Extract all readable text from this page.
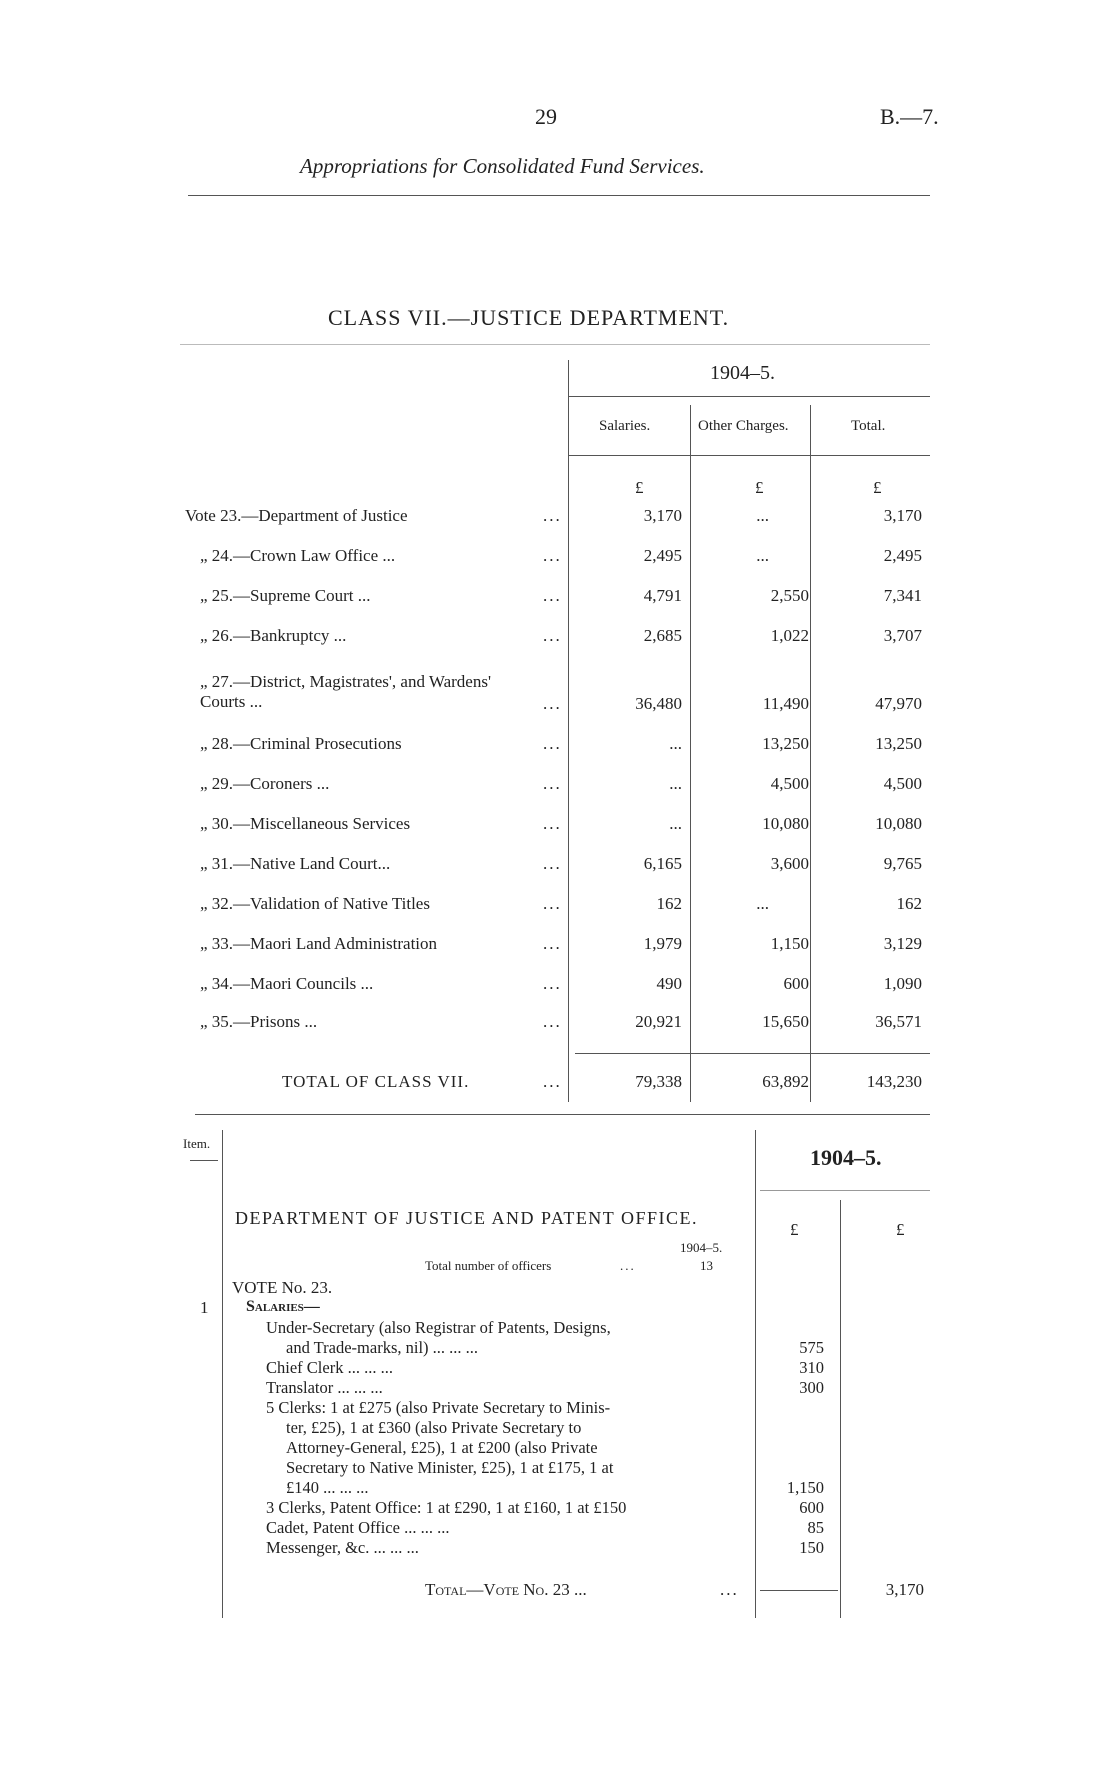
29	B.—7.
Appropriations for Consolidated Fund Services.
CLASS VII.—JUSTICE DEPARTMENT.
1904–5.
Salaries.	Other Charges.	Total.
£	£	£
Vote 23.—Department of Justice	...	3,170	...	3,170
„ 24.—Crown Law Office ...	...	2,495	...	2,495
„ 25.—Supreme Court ...	...	4,791	2,550	7,341
„ 26.—Bankruptcy ...	...	2,685	1,022	3,707
„ 27.—District, Magistrates', and Wardens' Courts ...	...	36,480	11,490	47,970
„ 28.—Criminal Prosecutions	...	...	13,250	13,250
„ 29.—Coroners ...	...	...	4,500	4,500
„ 30.—Miscellaneous Services	...	...	10,080	10,080
„ 31.—Native Land Court...	...	6,165	3,600	9,765
„ 32.—Validation of Native Titles	...	162	...	162
„ 33.—Maori Land Administration	...	1,979	1,150	3,129
„ 34.—Maori Councils ...	...	490	600	1,090
„ 35.—Prisons ...	...	20,921	15,650	36,571
TOTAL OF CLASS VII.	...	79,338	63,892	143,230
Item.
1904–5.
DEPARTMENT OF JUSTICE AND PATENT OFFICE.
£	£
1904–5.
Total number of officers	...	13
VOTE No. 23.
1 Salaries—
Under-Secretary (also Registrar of Patents, Designs,
and Trade-marks, nil) ... ... ...	575
Chief Clerk ... ... ...	310
Translator ... ... ...	300
5 Clerks: 1 at £275 (also Private Secretary to Minis-
ter, £25), 1 at £360 (also Private Secretary to
Attorney-General, £25), 1 at £200 (also Private
Secretary to Native Minister, £25), 1 at £175, 1 at
£140 ... ... ...	1,150
3 Clerks, Patent Office: 1 at £290, 1 at £160, 1 at £150	600
Cadet, Patent Office ... ... ...	85
Messenger, &c. ... ... ...	150
Total—Vote No. 23 ...	...	3,170
